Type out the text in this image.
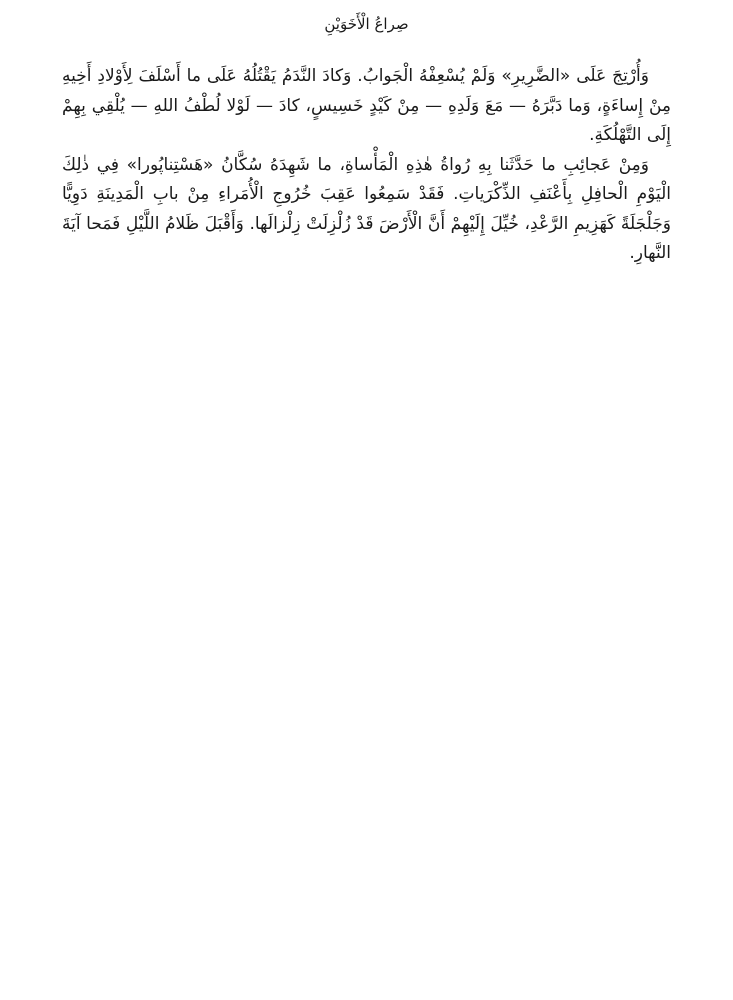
صِراعُ الْأَخَوَيْنِ

وَأُرْتِجَ عَلَى «الضَّرِيرِ» وَلَمْ يُسْعِفْهُ الْجَوابُ. وَكادَ النَّدَمُ يَقْتُلُهُ عَلَى ما أَسْلَفَ لِأَوْلادِ أَخِيهِ مِنْ إِساءَةٍ، وَما دَبَّرَهُ — مَعَ وَلَدِهِ — مِنْ كَيْدٍ خَسِيسٍ، كادَ — لَوْلا لُطْفُ اللهِ — يُلْقِي بِهِمْ إِلَى التَّهْلُكَةِ.

وَمِنْ عَجائِبِ ما حَدَّثَنا بِهِ رُواةُ هٰذِهِ الْمَأْساةِ، ما شَهِدَهُ سُكَّانُ «هَسْتِناپُورا» فِي ذٰلِكَ الْيَوْمِ الْحافِلِ بِأَعْنَفِ الذِّكْرَياتِ. فَقَدْ سَمِعُوا عَقِبَ خُرُوجِ الْأُمَراءِ مِنْ بابِ الْمَدِينَةِ دَوِيًّا وَجَلْجَلَةً كَهَزِيمِ الرَّعْدِ، خُيِّلَ إِلَيْهِمْ أَنَّ الْأَرْضَ قَدْ زُلْزِلَتْ زِلْزالَها. وَأَقْبَلَ ظَلامُ اللَّيْلِ فَمَحا آيَةَ النَّهارِ.
